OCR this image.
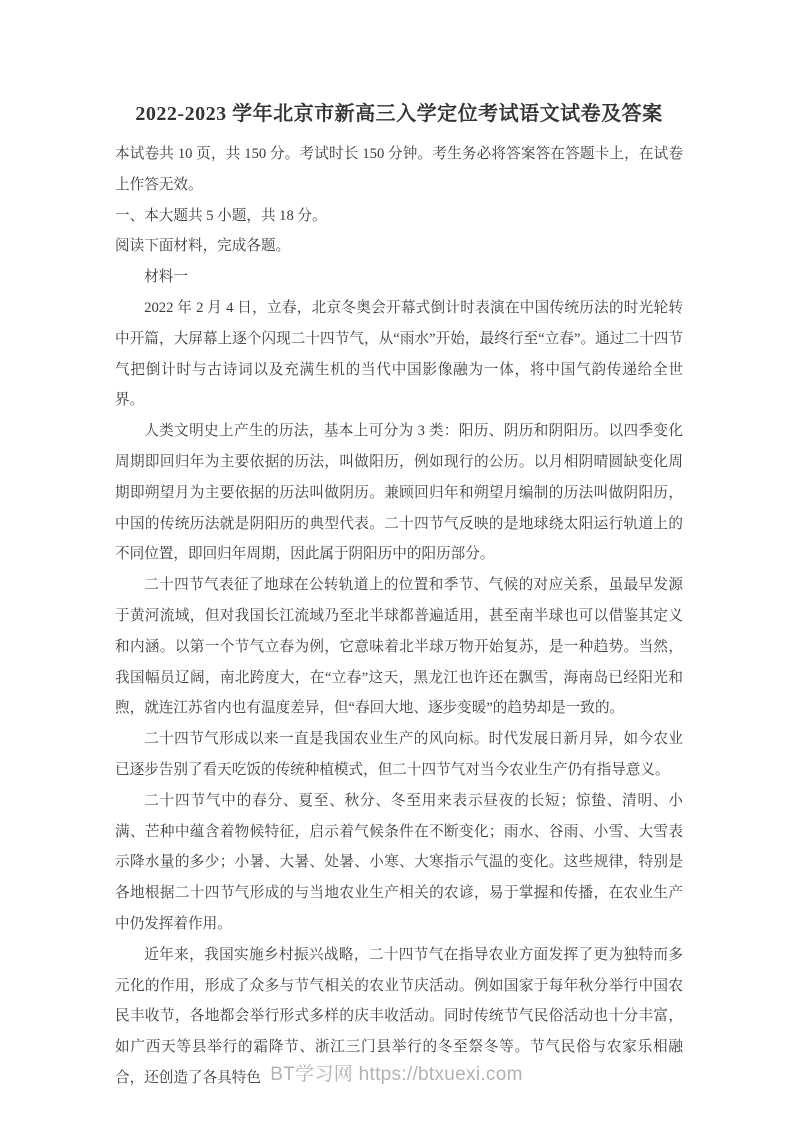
2022-2023 学年北京市新高三入学定位考试语文试卷及答案

本试卷共 10 页，共 150 分。考试时长 150 分钟。考生务必将答案答在答题卡上，在试卷上作答无效。

一、本大题共 5 小题，共 18 分。

阅读下面材料，完成各题。

材料一

2022 年 2 月 4 日，立春，北京冬奥会开幕式倒计时表演在中国传统历法的时光轮转中开篇，大屏幕上逐个闪现二十四节气，从“雨水”开始，最终行至“立春”。通过二十四节气把倒计时与古诗词以及充满生机的当代中国影像融为一体，将中国气韵传递给全世界。

人类文明史上产生的历法，基本上可分为 3 类：阳历、阴历和阴阳历。以四季变化周期即回归年为主要依据的历法，叫做阳历，例如现行的公历。以月相阴晴圆缺变化周期即朔望月为主要依据的历法叫做阴历。兼顾回归年和朔望月编制的历法叫做阴阳历，中国的传统历法就是阴阳历的典型代表。二十四节气反映的是地球绕太阳运行轨道上的不同位置，即回归年周期，因此属于阴阳历中的阳历部分。

二十四节气表征了地球在公转轨道上的位置和季节、气候的对应关系，虽最早发源于黄河流域，但对我国长江流域乃至北半球都普遍适用，甚至南半球也可以借鉴其定义和内涵。以第一个节气立春为例，它意味着北半球万物开始复苏，是一种趋势。当然，我国幅员辽阔，南北跨度大，在“立春”这天，黑龙江也许还在飘雪，海南岛已经阳光和煦，就连江苏省内也有温度差异，但“春回大地、逐步变暖”的趋势却是一致的。

二十四节气形成以来一直是我国农业生产的风向标。时代发展日新月异，如今农业已逐步告别了看天吃饭的传统种植模式，但二十四节气对当今农业生产仍有指导意义。

二十四节气中的春分、夏至、秋分、冬至用来表示昼夜的长短；惊蛰、清明、小满、芒种中蕴含着物候特征，启示着气候条件在不断变化；雨水、谷雨、小雪、大雪表示降水量的多少；小暑、大暑、处暑、小寒、大寒指示气温的变化。这些规律，特别是各地根据二十四节气形成的与当地农业生产相关的农谚，易于掌握和传播，在农业生产中仍发挥着作用。

近年来，我国实施乡村振兴战略，二十四节气在指导农业方面发挥了更为独特而多元化的作用，形成了众多与节气相关的农业节庆活动。例如国家于每年秋分举行中国农民丰收节，各地都会举行形式多样的庆丰收活动。同时传统节气民俗活动也十分丰富，如广西天等县举行的霜降节、浙江三门县举行的冬至祭冬等。节气民俗与农家乐相融合，还创造了各具特色 BT学习网 https://btxuexi.com
